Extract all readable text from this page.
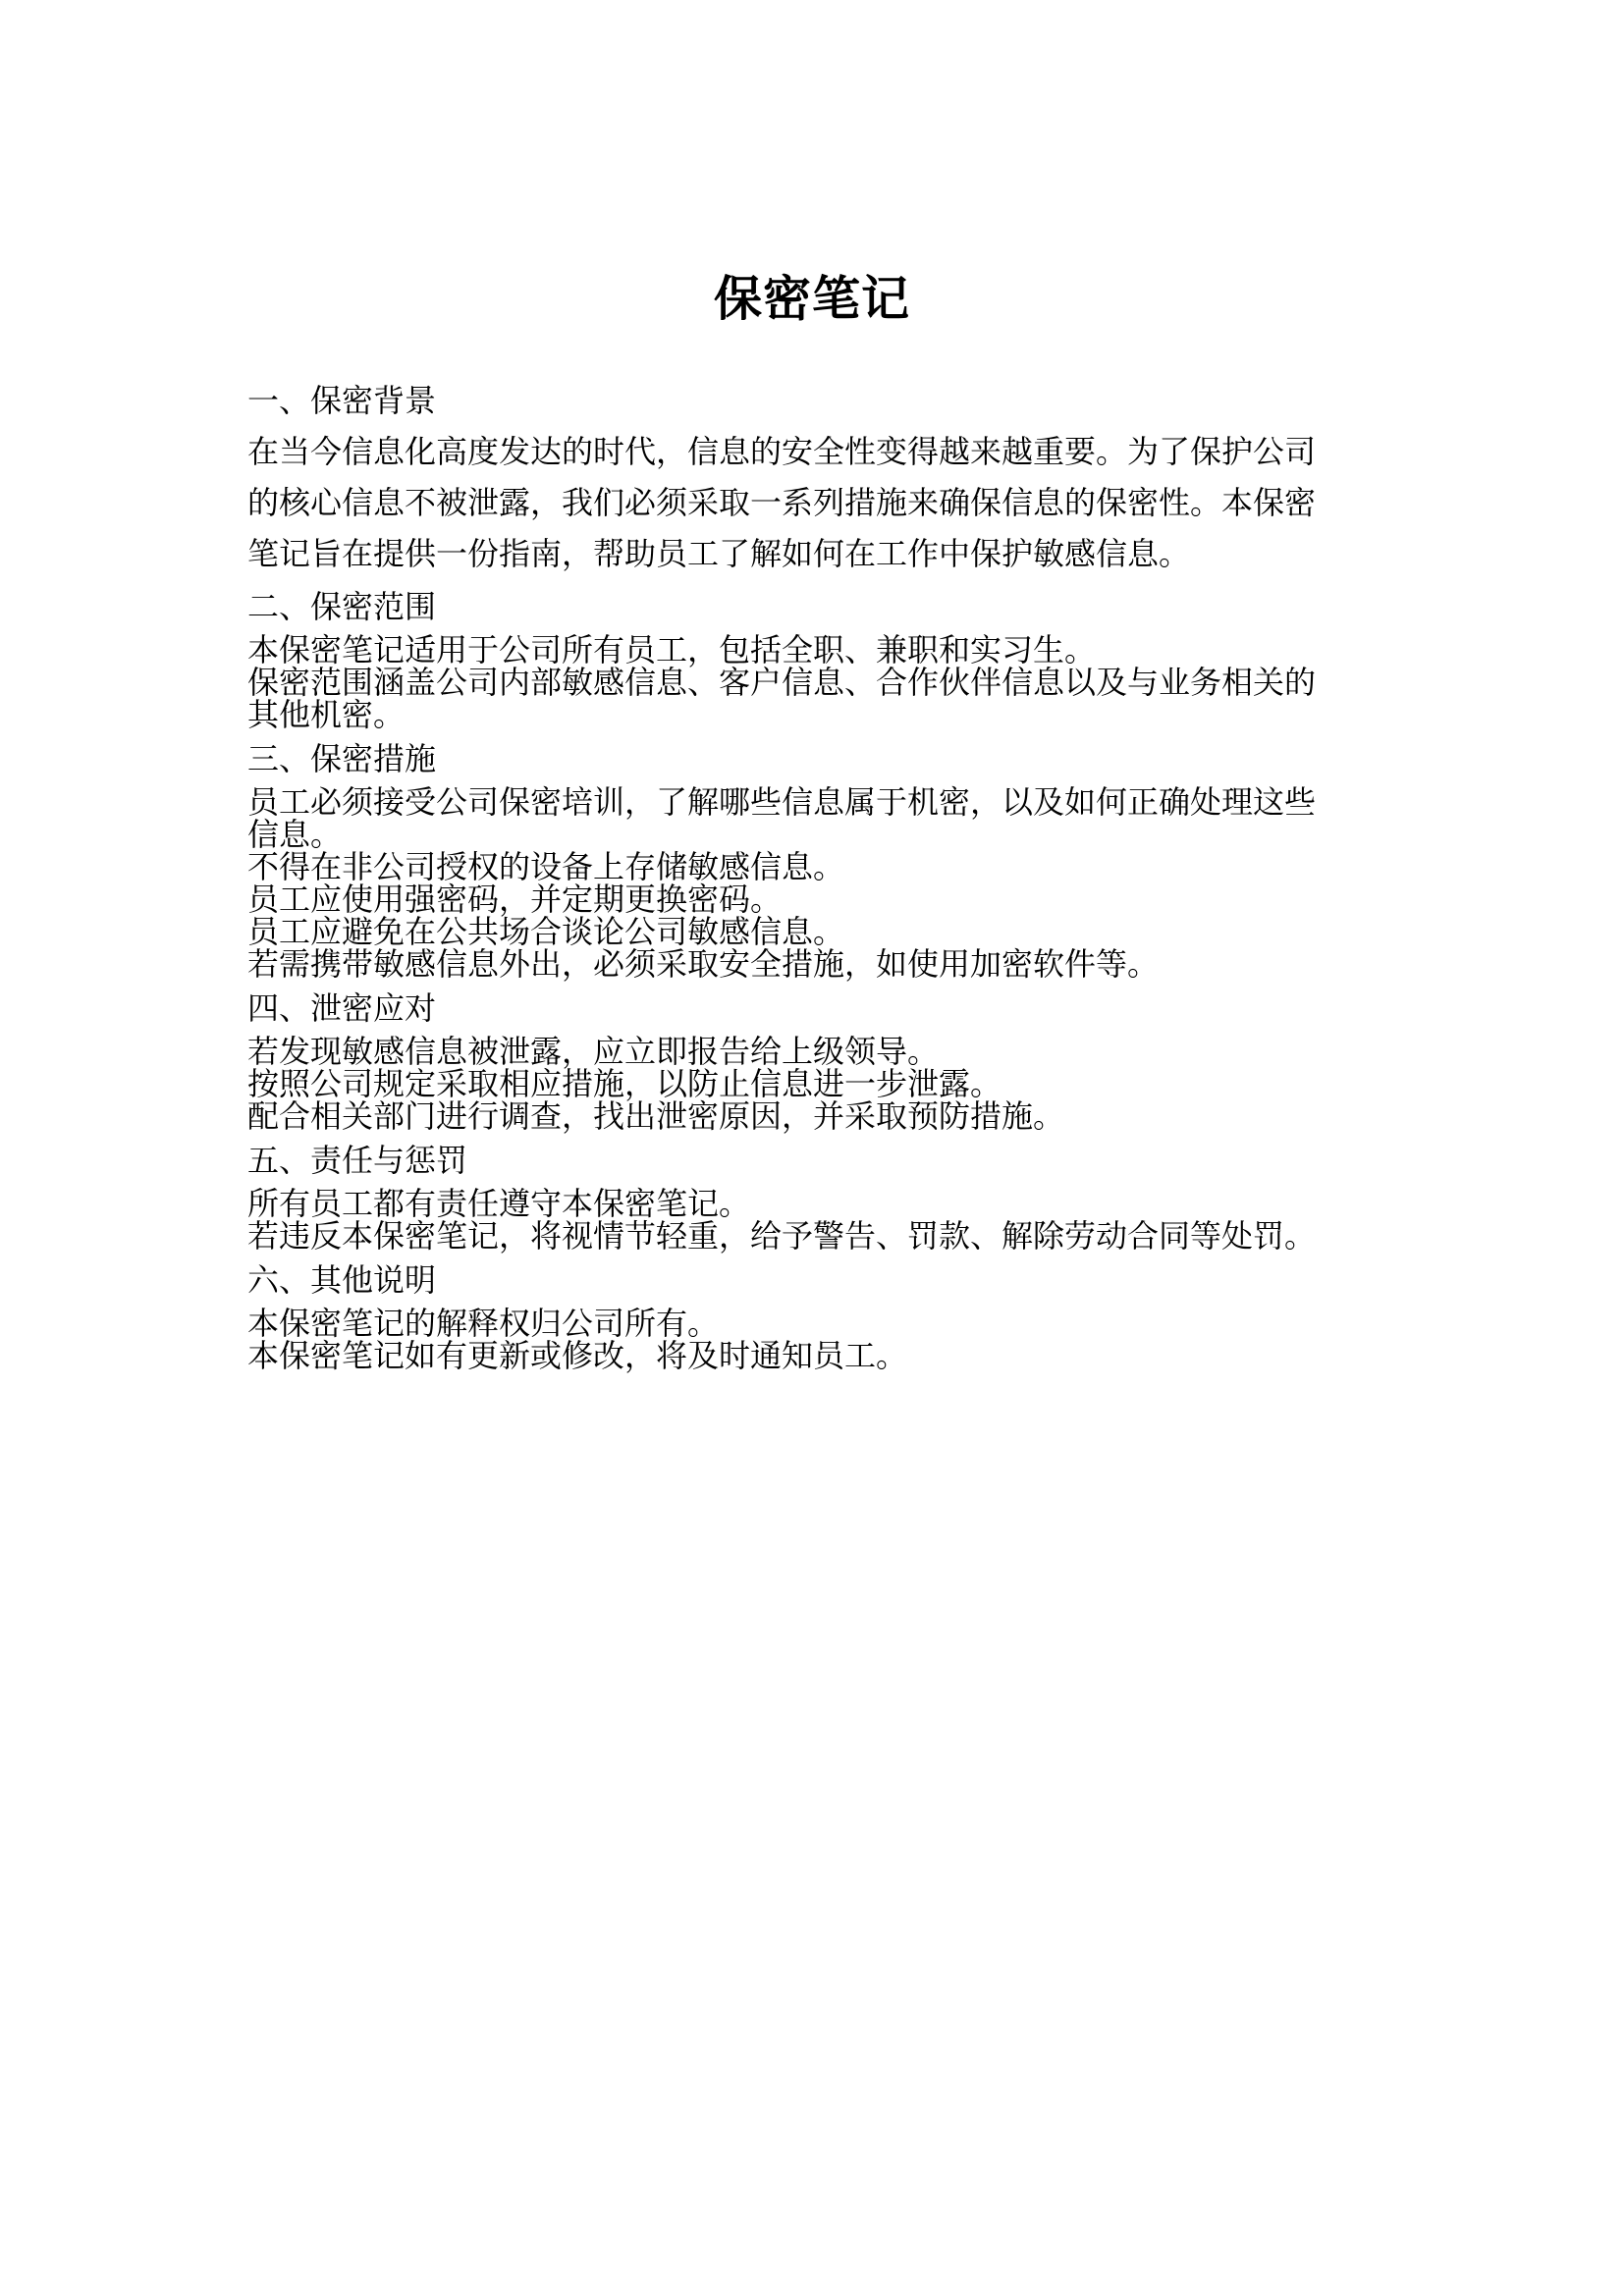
保密笔记
一、保密背景
在当今信息化高度发达的时代，信息的安全性变得越来越重要。为了保护公司
的核心信息不被泄露，我们必须采取一系列措施来确保信息的保密性。本保密
笔记旨在提供一份指南，帮助员工了解如何在工作中保护敏感信息。
二、保密范围
本保密笔记适用于公司所有员工，包括全职、兼职和实习生。
保密范围涵盖公司内部敏感信息、客户信息、合作伙伴信息以及与业务相关的
其他机密。
三、保密措施
员工必须接受公司保密培训，了解哪些信息属于机密，以及如何正确处理这些
信息。
不得在非公司授权的设备上存储敏感信息。
员工应使用强密码，并定期更换密码。
员工应避免在公共场合谈论公司敏感信息。
若需携带敏感信息外出，必须采取安全措施，如使用加密软件等。
四、泄密应对
若发现敏感信息被泄露，应立即报告给上级领导。
按照公司规定采取相应措施，以防止信息进一步泄露。
配合相关部门进行调查，找出泄密原因，并采取预防措施。
五、责任与惩罚
所有员工都有责任遵守本保密笔记。
若违反本保密笔记，将视情节轻重，给予警告、罚款、解除劳动合同等处罚。
六、其他说明
本保密笔记的解释权归公司所有。
本保密笔记如有更新或修改，将及时通知员工。
